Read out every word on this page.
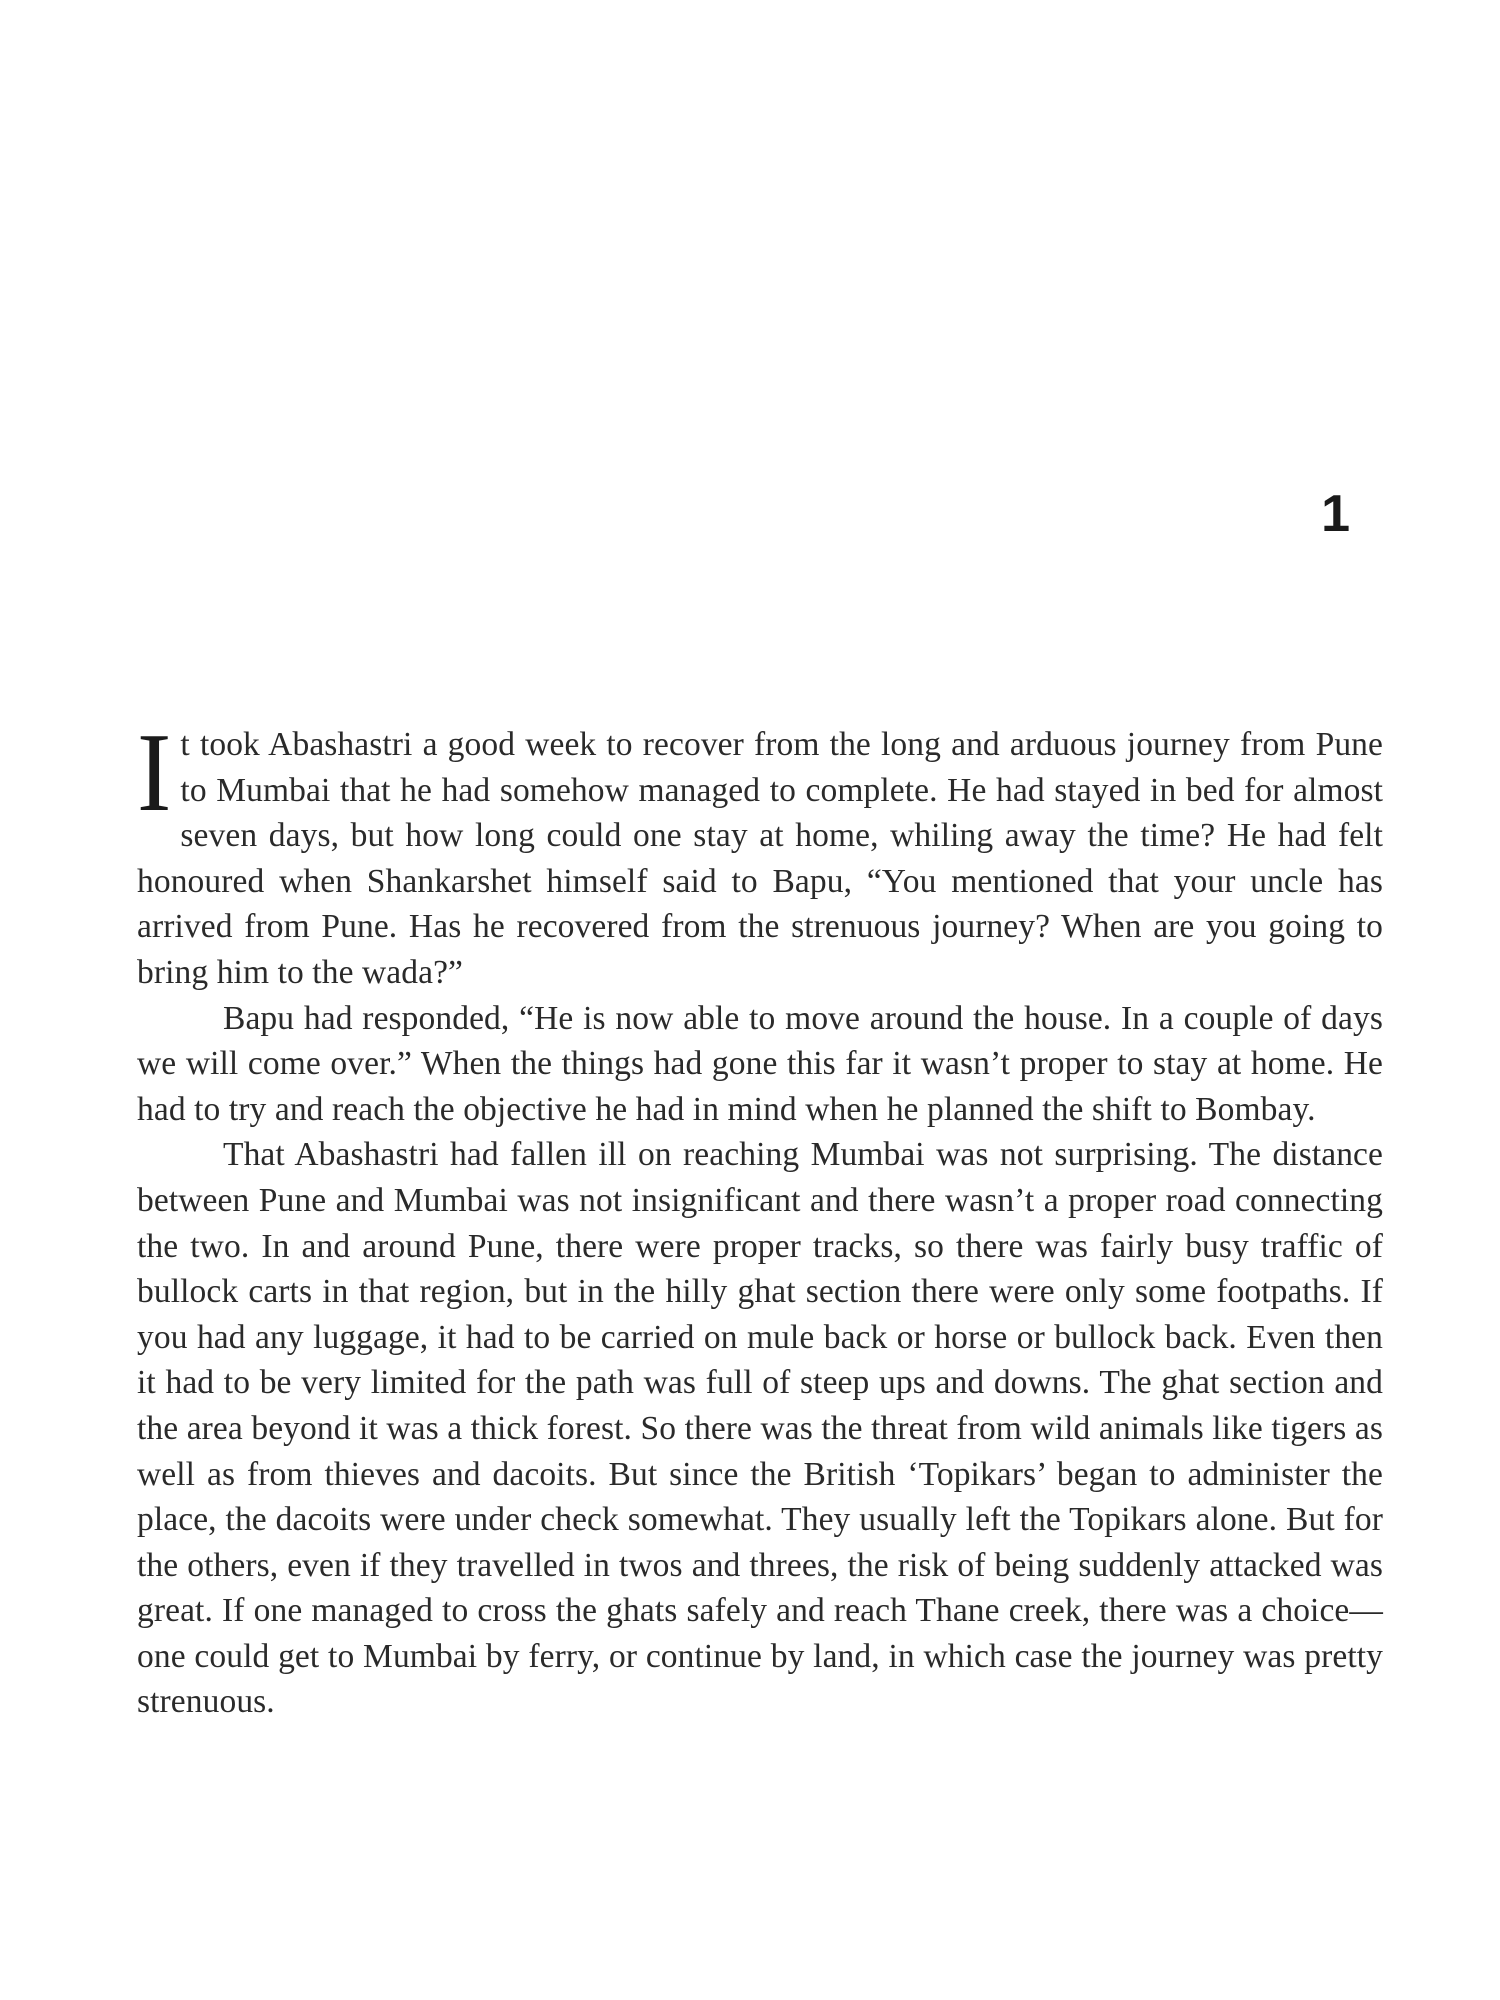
1

It took Abashastri a good week to recover from the long and arduous journey from Pune to Mumbai that he had somehow managed to complete. He had stayed in bed for almost seven days, but how long could one stay at home, whiling away the time? He had felt honoured when Shankarshet himself said to Bapu, “You mentioned that your uncle has arrived from Pune. Has he recovered from the strenuous journey? When are you going to bring him to the wada?”

Bapu had responded, “He is now able to move around the house. In a couple of days we will come over.” When the things had gone this far it wasn’t proper to stay at home. He had to try and reach the objective he had in mind when he planned the shift to Bombay.

That Abashastri had fallen ill on reaching Mumbai was not surprising. The distance between Pune and Mumbai was not insignificant and there wasn’t a proper road connecting the two. In and around Pune, there were proper tracks, so there was fairly busy traffic of bullock carts in that region, but in the hilly ghat section there were only some footpaths. If you had any luggage, it had to be carried on mule back or horse or bullock back. Even then it had to be very limited for the path was full of steep ups and downs. The ghat section and the area beyond it was a thick forest. So there was the threat from wild animals like tigers as well as from thieves and dacoits. But since the British ‘Topikars’ began to administer the place, the dacoits were under check somewhat. They usually left the Topikars alone. But for the others, even if they travelled in twos and threes, the risk of being suddenly attacked was great. If one managed to cross the ghats safely and reach Thane creek, there was a choice—one could get to Mumbai by ferry, or continue by land, in which case the journey was pretty strenuous.
